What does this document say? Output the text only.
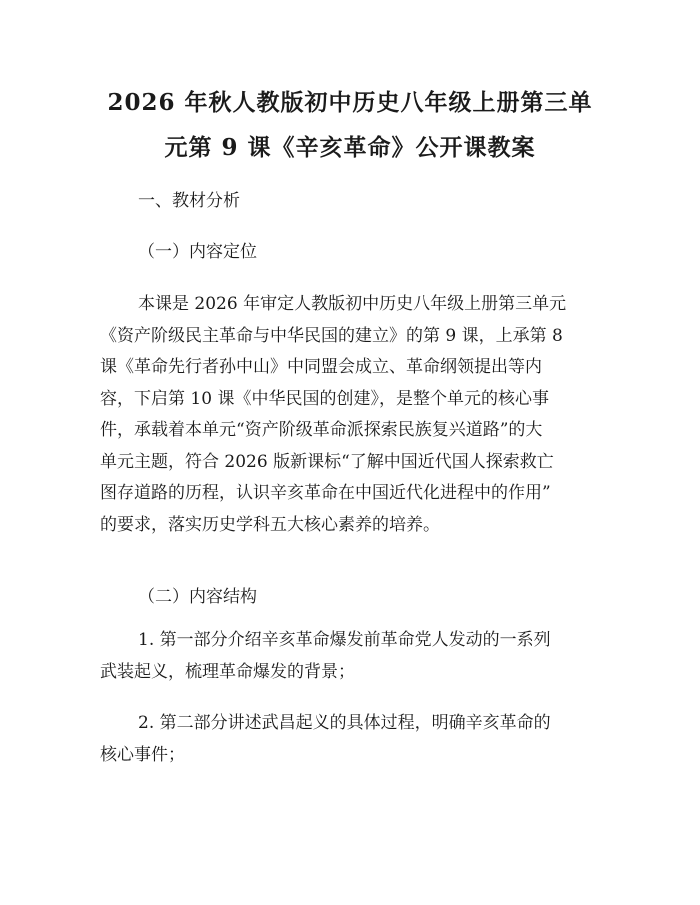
2026 年秋人教版初中历史八年级上册第三单
元第 9 课《辛亥革命》公开课教案
一、教材分析
（一）内容定位
本课是 2026 年审定人教版初中历史八年级上册第三单元
《资产阶级民主革命与中华民国的建立》的第 9 课，上承第 8
课《革命先行者孙中山》中同盟会成立、革命纲领提出等内
容，下启第 10 课《中华民国的创建》，是整个单元的核心事
件，承载着本单元“资产阶级革命派探索民族复兴道路”的大
单元主题，符合 2026 版新课标“了解中国近代国人探索救亡
图存道路的历程，认识辛亥革命在中国近代化进程中的作用”
的要求，落实历史学科五大核心素养的培养。
（二）内容结构
1. 第一部分介绍辛亥革命爆发前革命党人发动的一系列
武装起义，梳理革命爆发的背景；
2. 第二部分讲述武昌起义的具体过程，明确辛亥革命的
核心事件；
